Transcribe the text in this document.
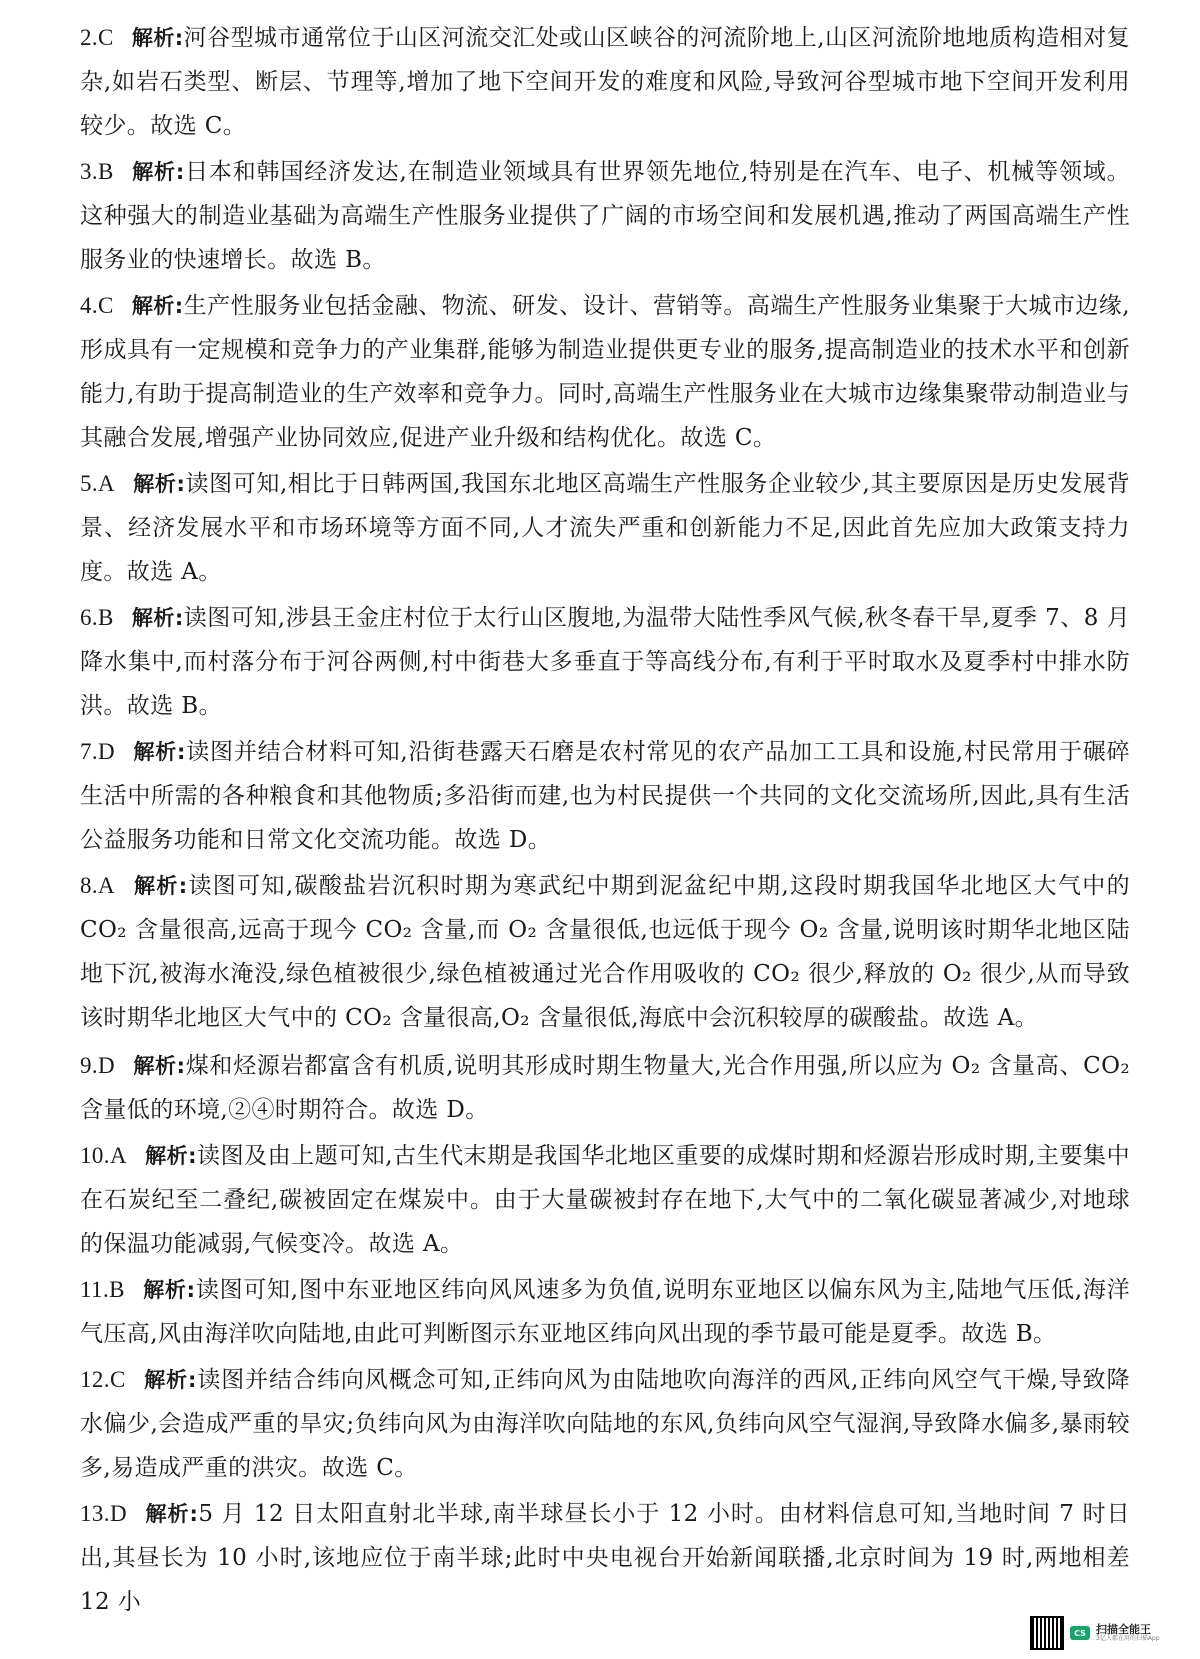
2.C 解析:河谷型城市通常位于山区河流交汇处或山区峡谷的河流阶地上,山区河流阶地地质构造相对复杂,如岩石类型、断层、节理等,增加了地下空间开发的难度和风险,导致河谷型城市地下空间开发利用较少。故选 C。
3.B 解析:日本和韩国经济发达,在制造业领域具有世界领先地位,特别是在汽车、电子、机械等领域。这种强大的制造业基础为高端生产性服务业提供了广阔的市场空间和发展机遇,推动了两国高端生产性服务业的快速增长。故选 B。
4.C 解析:生产性服务业包括金融、物流、研发、设计、营销等。高端生产性服务业集聚于大城市边缘,形成具有一定规模和竞争力的产业集群,能够为制造业提供更专业的服务,提高制造业的技术水平和创新能力,有助于提高制造业的生产效率和竞争力。同时,高端生产性服务业在大城市边缘集聚带动制造业与其融合发展,增强产业协同效应,促进产业升级和结构优化。故选 C。
5.A 解析:读图可知,相比于日韩两国,我国东北地区高端生产性服务企业较少,其主要原因是历史发展背景、经济发展水平和市场环境等方面不同,人才流失严重和创新能力不足,因此首先应加大政策支持力度。故选 A。
6.B 解析:读图可知,涉县王金庄村位于太行山区腹地,为温带大陆性季风气候,秋冬春干旱,夏季 7、8 月降水集中,而村落分布于河谷两侧,村中街巷大多垂直于等高线分布,有利于平时取水及夏季村中排水防洪。故选 B。
7.D 解析:读图并结合材料可知,沿街巷露天石磨是农村常见的农产品加工工具和设施,村民常用于碾碎生活中所需的各种粮食和其他物质;多沿街而建,也为村民提供一个共同的文化交流场所,因此,具有生活公益服务功能和日常文化交流功能。故选 D。
8.A 解析:读图可知,碳酸盐岩沉积时期为寒武纪中期到泥盆纪中期,这段时期我国华北地区大气中的 CO₂ 含量很高,远高于现今 CO₂ 含量,而 O₂ 含量很低,也远低于现今 O₂ 含量,说明该时期华北地区陆地下沉,被海水淹没,绿色植被很少,绿色植被通过光合作用吸收的 CO₂ 很少,释放的 O₂ 很少,从而导致该时期华北地区大气中的 CO₂ 含量很高,O₂ 含量很低,海底中会沉积较厚的碳酸盐。故选 A。
9.D 解析:煤和烃源岩都富含有机质,说明其形成时期生物量大,光合作用强,所以应为 O₂ 含量高、CO₂ 含量低的环境,②④时期符合。故选 D。
10.A 解析:读图及由上题可知,古生代末期是我国华北地区重要的成煤时期和烃源岩形成时期,主要集中在石炭纪至二叠纪,碳被固定在煤炭中。由于大量碳被封存在地下,大气中的二氧化碳显著减少,对地球的保温功能减弱,气候变冷。故选 A。
11.B 解析:读图可知,图中东亚地区纬向风风速多为负值,说明东亚地区以偏东风为主,陆地气压低,海洋气压高,风由海洋吹向陆地,由此可判断图示东亚地区纬向风出现的季节最可能是夏季。故选 B。
12.C 解析:读图并结合纬向风概念可知,正纬向风为由陆地吹向海洋的西风,正纬向风空气干燥,导致降水偏少,会造成严重的旱灾;负纬向风为由海洋吹向陆地的东风,负纬向风空气湿润,导致降水偏多,暴雨较多,易造成严重的洪灾。故选 C。
13.D 解析:5 月 12 日太阳直射北半球,南半球昼长小于 12 小时。由材料信息可知,当地时间 7 时日出,其昼长为 10 小时,该地应位于南半球;此时中央电视台开始新闻联播,北京时间为 19 时,两地相差 12 小
CS 扫描全能王
3亿人都在用的扫描App
